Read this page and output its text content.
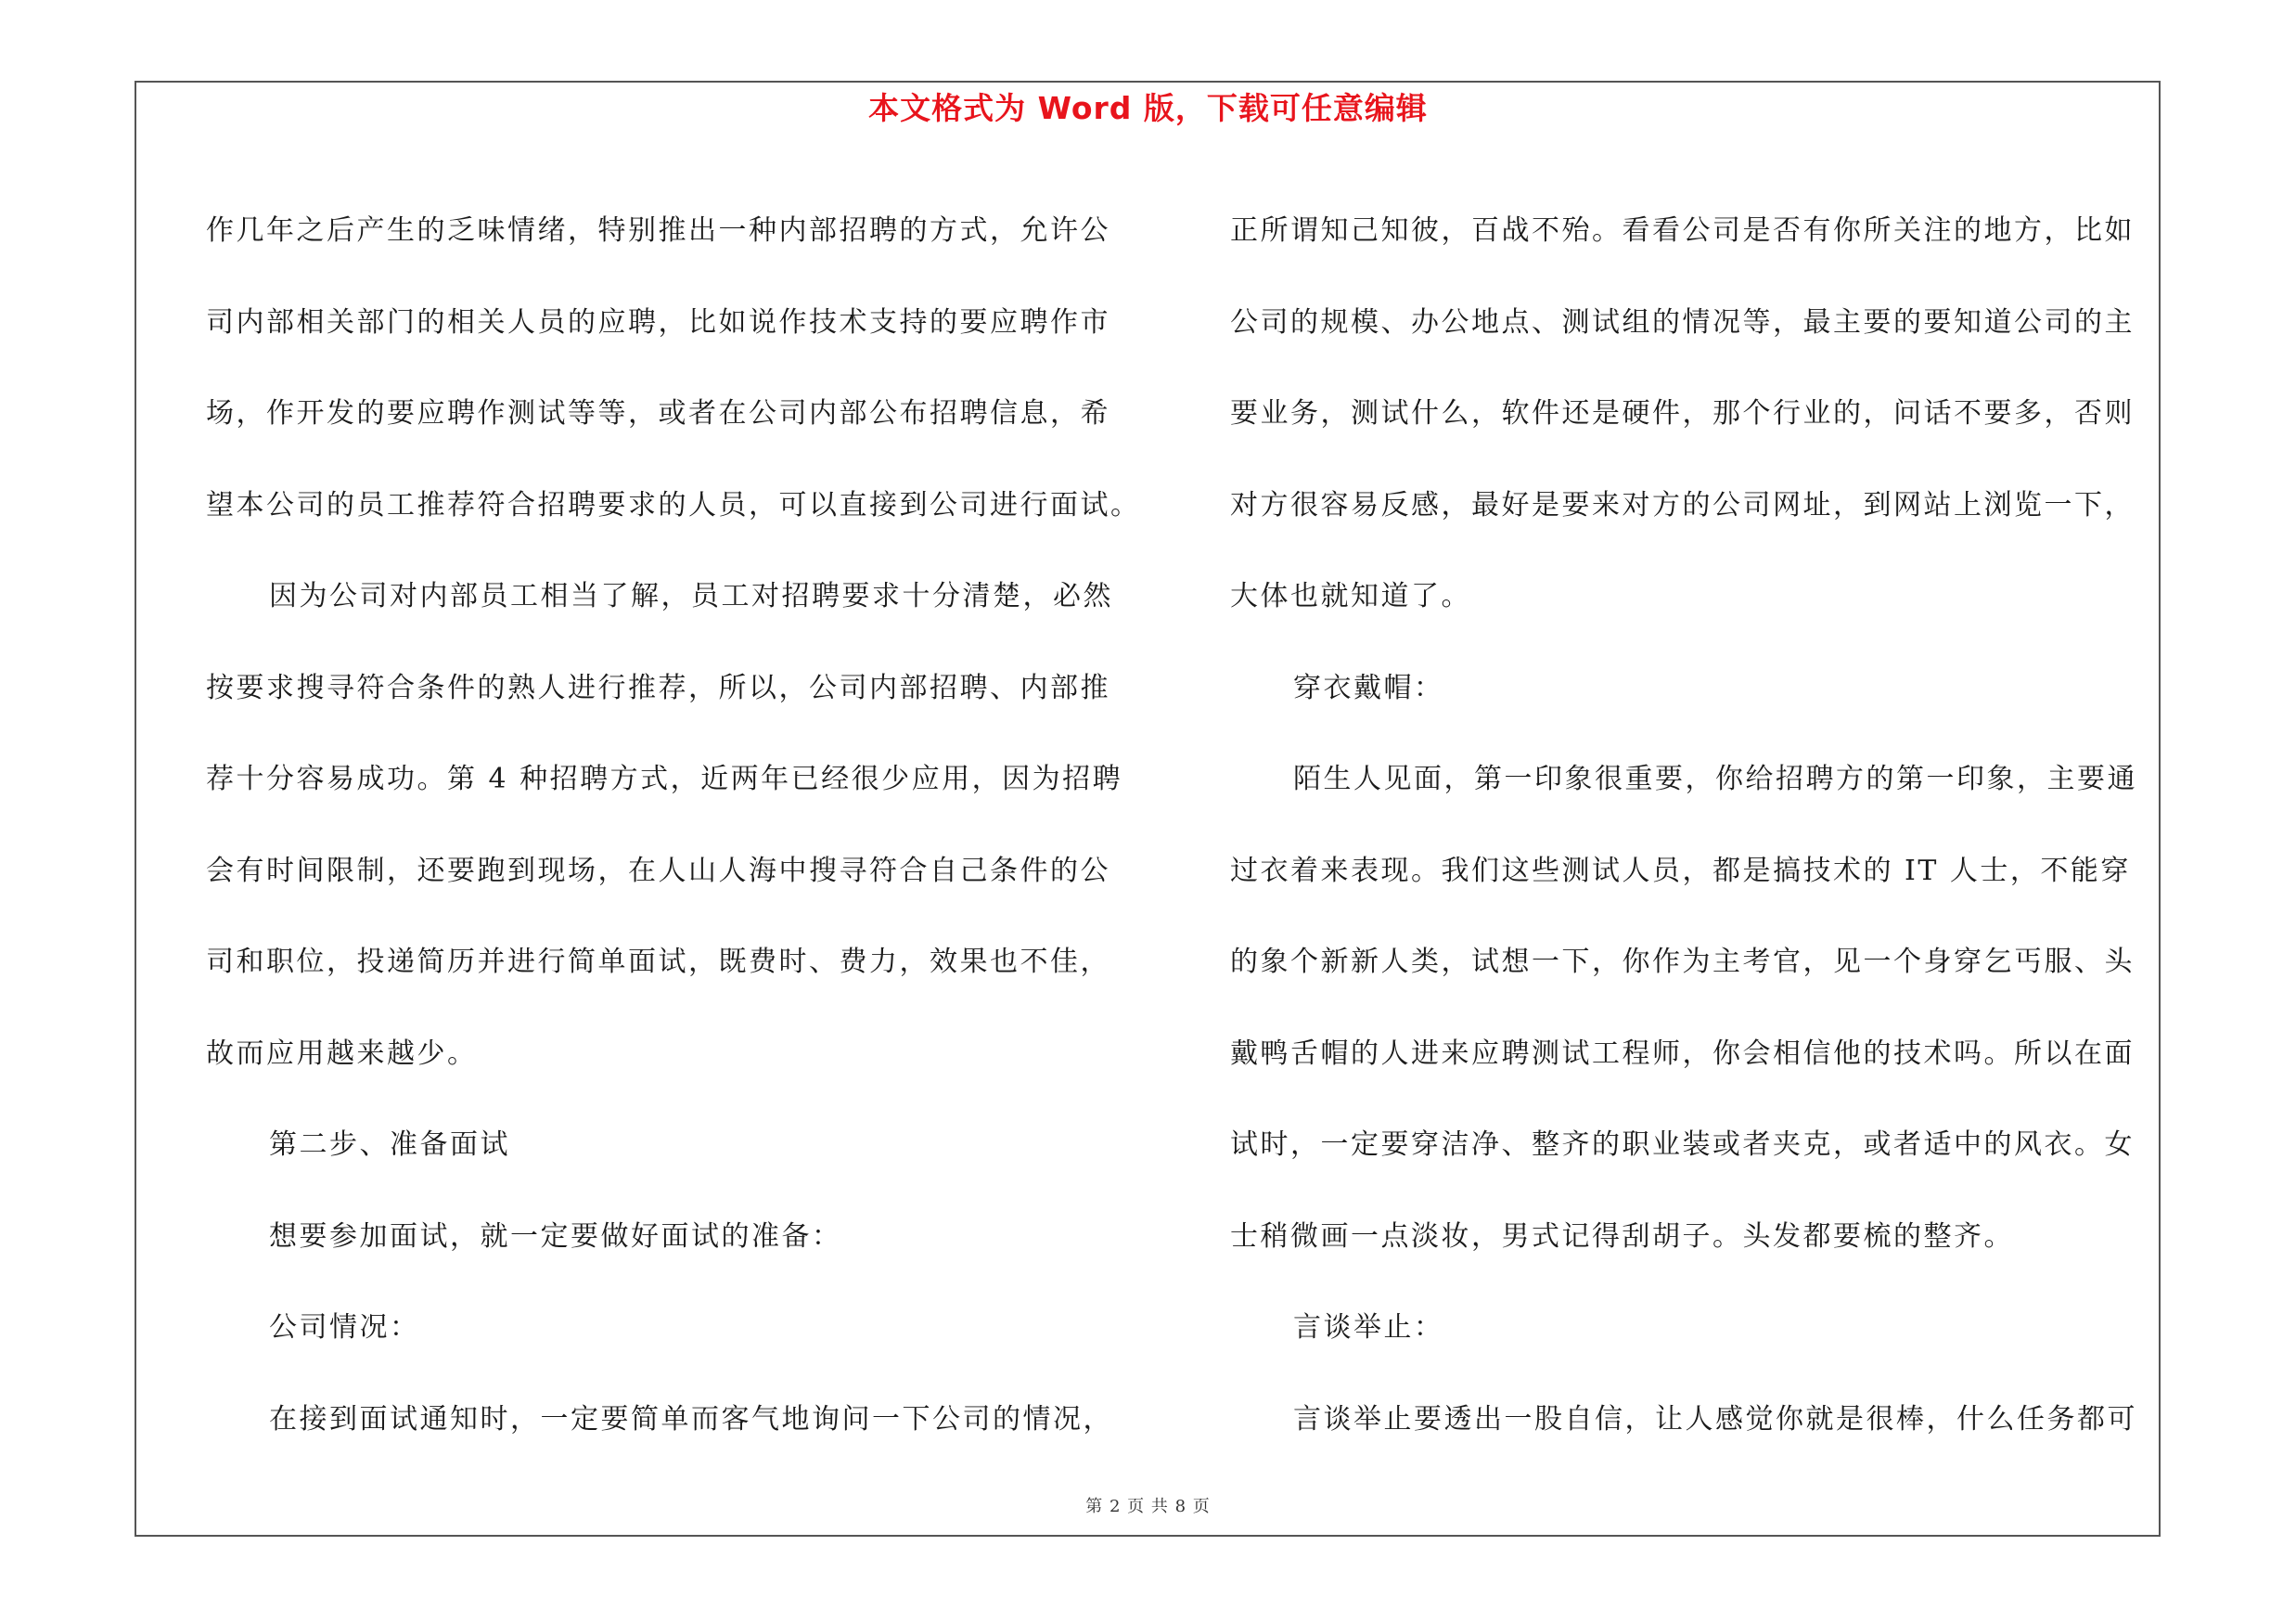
本文格式为 Word 版，下载可任意编辑
作几年之后产生的乏味情绪，特别推出一种内部招聘的方式，允许公
司内部相关部门的相关人员的应聘，比如说作技术支持的要应聘作市
场，作开发的要应聘作测试等等，或者在公司内部公布招聘信息，希
望本公司的员工推荐符合招聘要求的人员，可以直接到公司进行面试。
因为公司对内部员工相当了解，员工对招聘要求十分清楚，必然
按要求搜寻符合条件的熟人进行推荐，所以，公司内部招聘、内部推
荐十分容易成功。第 4 种招聘方式，近两年已经很少应用，因为招聘
会有时间限制，还要跑到现场，在人山人海中搜寻符合自己条件的公
司和职位，投递简历并进行简单面试，既费时、费力，效果也不佳，
故而应用越来越少。
第二步、准备面试
想要参加面试，就一定要做好面试的准备：
公司情况：
在接到面试通知时，一定要简单而客气地询问一下公司的情况，
正所谓知己知彼，百战不殆。看看公司是否有你所关注的地方，比如
公司的规模、办公地点、测试组的情况等，最主要的要知道公司的主
要业务，测试什么，软件还是硬件，那个行业的，问话不要多，否则
对方很容易反感，最好是要来对方的公司网址，到网站上浏览一下，
大体也就知道了。
穿衣戴帽：
陌生人见面，第一印象很重要，你给招聘方的第一印象，主要通
过衣着来表现。我们这些测试人员，都是搞技术的 IT 人士，不能穿
的象个新新人类，试想一下，你作为主考官，见一个身穿乞丐服、头
戴鸭舌帽的人进来应聘测试工程师，你会相信他的技术吗。所以在面
试时，一定要穿洁净、整齐的职业装或者夹克，或者适中的风衣。女
士稍微画一点淡妆，男式记得刮胡子。头发都要梳的整齐。
言谈举止：
言谈举止要透出一股自信，让人感觉你就是很棒，什么任务都可
第 2 页 共 8 页
